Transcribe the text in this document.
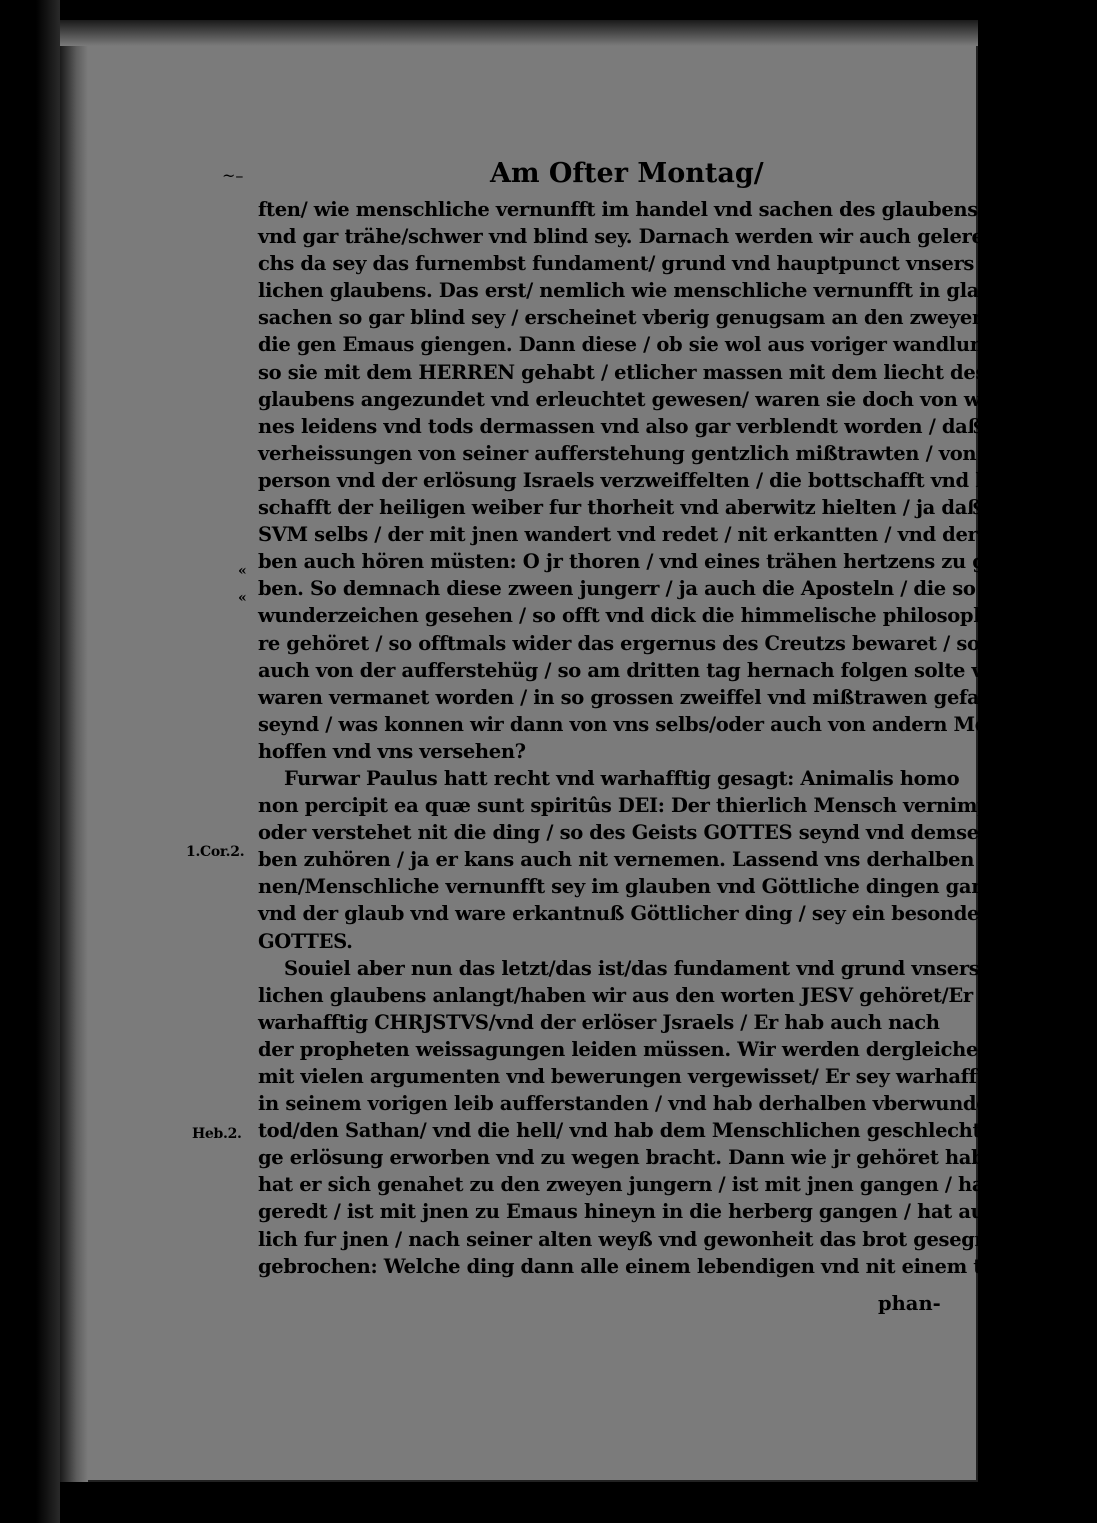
~–	Am Ofter Montag/
«
«
1.Cor.2.
Heb.2.
ften/ wie menschliche vernunfft im handel vnd sachen des glaubens so gantz
vnd gar trähe/schwer vnd blind sey. Darnach werden wir auch geleret / wel-
chs da sey das furnembst fundament/ grund vnd hauptpunct vnsers Christ-
lichen glaubens. Das erst/ nemlich wie menschliche vernunfft in glaubens
sachen so gar blind sey / erscheinet vberig genugsam an den zweyen jungern/
die gen Emaus giengen. Dann diese / ob sie wol aus voriger wandlung
so sie mit dem HERREN gehabt / etlicher massen mit dem liecht des
glaubens angezundet vnd erleuchtet gewesen/ waren sie doch von wegen sei-
nes leidens vnd tods dermassen vnd also gar verblendt worden / daß sie den
verheissungen von seiner aufferstehung gentzlich mißtrawten / von seiner
person vnd der erlösung Israels verzweiffelten / die bottschafft vnd kund-
schafft der heiligen weiber fur thorheit vnd aberwitz hielten / ja daß sie JE-
SVM selbs / der mit jnen wandert vnd redet / nit erkantten / vnd derhal-
ben auch hören müsten: O jr thoren / vnd eines trähen hertzens zu glau-
ben. So demnach diese zween jungerr / ja auch die Aposteln / die so viel
wunderzeichen gesehen / so offt vnd dick die himmelische philosophy vnd le-
re gehöret / so offtmals wider das ergernus des Creutzs bewaret / so vielmal
auch von der aufferstehüg / so am dritten tag hernach folgen solte vnd wurde/
waren vermanet worden / in so grossen zweiffel vnd mißtrawen gefallen
seynd / was konnen wir dann von vns selbs/oder auch von andern Menschen
hoffen vnd vns versehen?
Furwar Paulus hatt recht vnd warhafftig gesagt: Animalis homo
non percipit ea quæ sunt spiritûs DEI: Der thierlich Mensch vernimpt
oder verstehet nit die ding / so des Geists GOTTES seynd vnd demsel-
ben zuhören / ja er kans auch nit vernemen. Lassend vns derhalben allhie ler-
nen/Menschliche vernunfft sey im glauben vnd Göttliche dingen gantz blind/
vnd der glaub vnd ware erkantnuß Göttlicher ding / sey ein besondere gab
GOTTES.
Souiel aber nun das letzt/das ist/das fundament vnd grund vnsers Christ-
lichen glaubens anlangt/haben wir aus den worten JESV gehöret/Er sey
warhafftig CHRJSTVS/vnd der erlöser Jsraels / Er hab auch nach
der propheten weissagungen leiden müssen. Wir werden dergleichen auch
mit vielen argumenten vnd bewerungen vergewisset/ Er sey warhafftig
in seinem vorigen leib aufferstanden / vnd hab derhalben vberwunden den
tod/den Sathan/ vnd die hell/ vnd hab dem Menschlichen geschlecht ein ewi-
ge erlösung erworben vnd zu wegen bracht. Dann wie jr gehöret habt / so
hat er sich genahet zu den zweyen jungern / ist mit jnen gangen / hat mit jnen
geredt / ist mit jnen zu Emaus hineyn in die herberg gangen / hat auch letz-
lich fur jnen / nach seiner alten weyß vnd gewonheit das brot gesegnet vnd
gebrochen: Welche ding dann alle einem lebendigen vnd nit einem todten oder
phan-
